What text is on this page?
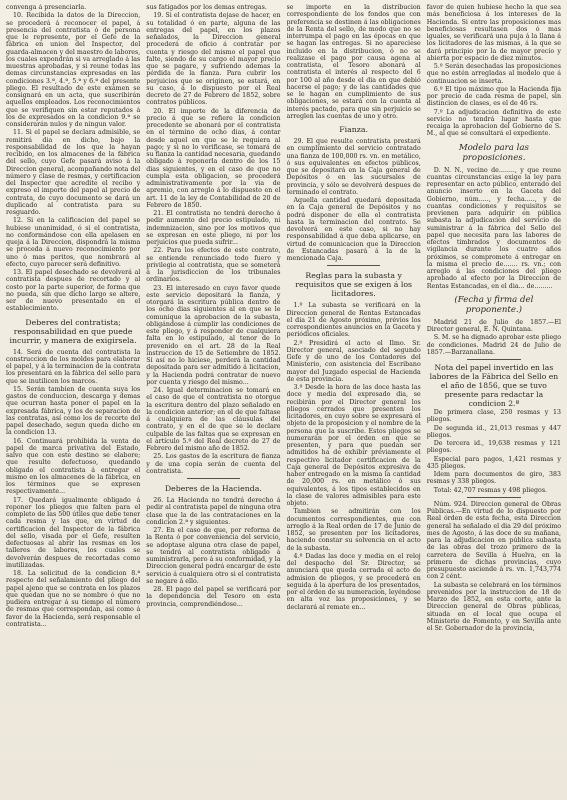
convenga á presenciarla.

10. Recibida la datos de la Direccion, se procederá á reconocer el papel, á presencia del contratista ó de persona que le represente, por el Gefe de la fábrica en union del Inspector, del guarda-almacen y del maestro de labores, los cuales expondrán si va arreglado á las muestras aprobadas, y si reune todas las demas circunstancias expresadas en las condiciones 3.ª, 4.ª, 5.ª y 6.ª del presente pliego. El resultado de este exámen se consignará en un acta, que suscribirán aquellos empleados. Los reconocimientos que se verifiquen sin estar reputados á los de expresados en la condicion 9.ª se considerarán nulos y de ningun valor.

11. Si el papel se declara admisible, se remitirá dia en dicho, bajo la responsabilidad de los que la hayan recibido, en los almacenes de la fábrica del sello, cuyo Gefe pasará aviso á la Direccion general, acompañando nota del número y clase de resmas, y certificacion del Inspector que acredite el recibo y expreso el importe del papel al precio de contrata, de cuyo documento se dará un duplicado al contratista para su resguardo.

12. Si en la calificacion del papel se hubiese unanimidad, ó si el contratista, no conformándose con ella apelasen en queja á la Direccion, dispondrá la misma se proceda á nuevo reconocimiento por uno ó mas peritos, que nombrará al efecto, cuyo parecer será definitivo.

13. El papel desechado se devolverá al contratista despues de recortado y al costo por la parte superior, de forma que no pueda, sin que dicho largo se altere, ser de nuevo presentado en el establecimiento.

Deberes del contratista; responsabilidad en que puede incurrir, y manera de exigirsela.

14. Será de cuenta del contratista la construccion de los moldes para elaborar el papel, y á la terminacion de la contrata los presentará en la fábrica del sello para que se inutilicen los marcos.

15. Serán tambien de cuenta suya los gastos de conduccion, descarga y demas que ocurran hasta poner el papel en la expresada fábrica, y los de separacion de las contratas, así como los de recorte del papel desechado, segun queda dicho en la condicion 13.

16. Continuará prohibida la venta de papel de marca privativa del Estado, salvo que con este destino se elabore; que resulte defectuoso, quedando obligado el contratista á entregar el mismo en los almacenes de la fábrica, en los términos que se expresen respectivamente...

17. Quedará igualmente obligado á reponer los pliegos que falten para el completo de las 500 útiles que debe tener cada resma y las que, en virtud de certificacion del Inspector de la fábrica del sello, visada por el Gefe, resulten defectuosas al abrir las resmas en los talleres de labores, los cuales se devolverán despues de recortadas como inutilizadas.

18. La solicitud de la condicion 8.ª respecto del señalamiento del pliego del papel ajeno que se contrata en los plazos que quedan que no se nombre ó que no pudiera entregar á su tiempo el número de resmas que correspondan, asi como á favor de la Hacienda, será responsable el contratista...

sus fatigados por los demas entregas.

19. Si el contratista dejase de hacer, en su totalidad ó en parte, alguna de las entregas del papel, en los plazos señalados, la Direccion general procederá de oficio á contratar por cuenta y riesgo del mismo el papel que falte, siendo de su cargo el mayor precio que se pagare, y sufriendo ademas la pérdida de la fianza. Para cubrir los perjuicios que se originen, se estará, en su caso, á lo dispuesto por el Real decreto de 27 de Febrero de 1852, sobre contratos públicos.

20. El importe de la diferencia de precio á que se refiere la condicion precedente se abonará por el contratista en el término de ocho dias, á contar desde aquel en que se le requiera al pago; y si no lo verificase, se tomará de su fianza la cantidad necesaria, quedando obligado á reponerla dentro de los 15 dias siguientes, y en el caso de que no cumpla esta obligacion, se procederá administrativamente por la via de apremio, con arreglo á lo dispuesto en el art. 11 de la ley de Contabilidad de 20 de Febrero de 1850.

21. El contratista no tendrá derecho á pedir aumento del precio estipulado, ni indemnizacion, sino por los motivos que se expresan en este pliego, ni por los perjuicios que pueda sufrir...

22. Para los efectos de este contrato, se entiende renunciado todo fuero y privilegio al contratista, que se someterá á la jurisdiccion de los tribunales ordinarios.

23. El interesado en cuyo favor quede este servicio depositará la fianza, y otorgará la escritura pública dentro de los ocho dias siguientes al en que se le comunique la aprobacion de la subasta, obligándose á cumplir las condiciones de este pliego, y á responder de cualquiera falta en lo estipulado, al tenor de lo prevenido en el art. 28 de la Real instruccion de 15 de Setiembre de 1852. Si así no lo hiciese, perderá la cantidad depositada para ser admitido á licitacion, y la Hacienda podrá contratar de nuevo por cuenta y riesgo del mismo...

24. Igual determinacion se tomará en el caso de que el contratista no otorgue la escritura dentro del plazo señalado en la condicion anterior; en el de que faltase á cualquiera de las cláusulas del contrato, y en el de que se le declare culpable de las faltas que se expresan en el artículo 5.º del Real decreto de 27 de Febrero del mismo año de 1852.

25. Los gastos de la escritura de fianza y de una copia serán de cuenta del contratista.

Deberes de la Hacienda.

26. La Hacienda no tendrá derecho á pedir al contratista papel de ninguna otra clase que la de las contrataciones en la condicion 2.ª y siguientes.

27. En el caso de que, por reforma de la Renta ó por conveniencia del servicio, se adoptase alguna otra clase de papel, se tendrá al contratista obligado á suministrarla, pero á su conformidad, y la Direccion general podrá encargar de este servicio á cualquiera otro si el contratista se negare á ello.

28. El pago del papel se verificará por la dependencia del Tesoro en esta provincia, comprendiéndose...

se importe en la distribucion correspondiente de los fondos que con preferencia se destinen á las obligaciones de la Renta del sello, de modo que no se interrumpa el pago en las épocas en que se hagan las entregas. Si no apareciese incluido en la distribucion, ó no se realizase el pago por causa agena al contratista, el Tesoro abonará al contratista el interés al respecto del 6 por 100 al año desde el dia en que debió hacerse el pago; y de las cantidades que se le hagan en cumplimiento de sus obligaciones, se estará con la cuenta al interés pactado, para que sin perjuicio se arreglen las cuentas de uno y otro.

Fianza.

29. El que resulte contratista prestará en cumplimiento del servicio contratado una fianza de 100,000 rs. vn. en metálico, ó sus equivalentes en efectos públicos, que se depositará en la Caja general de Depósitos ó en las sucursales de provincia, y sólo se devolverá despues de terminado el contrato.

Aquella cantidad quedará depositada en la Caja general de Depósitos y no podrá disponer de ella el contratista hasta la terminacion del contrato. Se devolverá en este caso, si no hay responsabilidad á que deba aplicarse, en virtud de comunicacion que la Direccion de Estancadas pasará á la de la mencionada Caja.

Reglas para la subasta y requisitos que se exigen á los licitadores.

1.º La subasta se verificará en la Direccion general de Rentas Estancadas el dia 21 de Agosto próximo, prévios los correspondientes anuncios en la Gaceta y periódicos oficiales.

2.º Presidirá el acto el Ilmo. Sr. Director general, asociado del segundo Gefe y de uno de los Contadores del Ministerio, con asistencia del Escribano mayor del Juzgado especial de Hacienda de esta provincia.

3.º Desde la hora de las doce hasta las doce y media del expresado dia, se recibirán por el Director general los pliegos cerrados que presenten los licitadores, en cuyo sobre se expresará el objeto de la proposicion y el nombre de la persona que la suscribe. Estos pliegos se numerarán por el órden en que se presenten, y para que puedan ser admitidos ha de exhibir préviamente el respectivo licitador certificacion de la Caja general de Depósitos expresiva de haber entregado en la misma la cantidad de 20,000 rs. en metálico ó sus equivalentes, á los tipos establecidos en la clase de valores admisibles para este objeto.

Tambien se admitirán con los documentos correspondientes, que con arreglo á la Real orden de 17 de Junio de 1852, se presenten por los licitadores, haciendo constar su solvencia en el acto de la subasta.

4.º Dadas las doce y media en el reloj del despacho del Sr. Director, se anunciará que queda cerrada el acto de admision de pliegos, y se procederá en seguida á la apertura de los presentados, por el órden de su numeracion, leyéndose en alta voz las proposiciones, y se declarará al remate en...

favor de quien hubiese hecho la que sea más beneficiosa á los intereses de la Hacienda. Si entre las proposiciones mas beneficiosas resultasen dos ó mas iguales, se verificará una puja á la llana á los licitadores de las mismas, á la que se dará principio por la de mayor precio y abierta por espacio de diez minutos.

5.º Serán desechadas las proposiciones que no estén arregladas al modelo que á continuacion se inserta.

6.º El tipo máximo que la Hacienda fija por precio de cada resma de papel, sin distincion de clases, es el de 46 rs.

7.º La adjudicacion definitiva de este servicio no tendrá lugar hasta que recaiga la aprobacion del Gobierno de S. M., al que se consultará el expediente.

Modelo para las proposiciones.

D. N. N., vecino de........, y que reune cuantas circunstancias exige la ley para representar en acto público, enterado del anuncio inserto en la Gaceta del Gobierno, núm....., y fecha....., y de cuantas condiciones y requisitos se previenen para adquirir en pública subasta la adjudicacion del servicio de suministrar á la fábrica del Sello del papel que necesita para las labores de efectos timbrados y documentos de vigilancia durante los cuatro años próximos, se compromete á entregar en la misma el precio de....... rs. vn.; con arreglo á las condiciones del pliego aprobado al efecto por la Direccion de Rentas Estancadas, en el dia... de.........

(Fecha y firma del proponente.)

Madrid 21 de Julio de 1857.—El Director general, E. N. Quintana.

S. M. se ha dignado aprobar este pliego de condiciones. Madrid 24 de Julio de 1857.—Barzanallana.

Nota del papel invertido en las labores de la Fábrica del Sello en el año de 1856, que se tuvo presente para redactar la condicion 2.ª

De primera clase, 250 resmas y 13 pliegos.

De segunda id., 21,013 resmas y 447 pliegos.

De tercera id., 19,638 resmas y 121 pliegos.

Especial para pagos, 1,421 resmas y 435 pliegos.

Idem para documentos de giro, 383 resmas y 338 pliegos.

Total: 42,707 resmas y 498 pliegos.

Núm. 924. Direccion general de Obras Públicas.—En virtud de lo dispuesto por Real órden de esta fecha, esta Direccion general ha señalado el dia 29 del próximo mes de Agosto, á las doce de su mañana, para la adjudicacion en pública subasta de las obras del trozo primero de la carretera de Sevilla á Huelva, en la primera de dichas provincias, cuyo presupuesto asciende á rs. vn. 1,743,774 con 2 cént.

La subasta se celebrará en los términos prevenidos por la instruccion de 18 de Marzo de 1852, en esta corte, ante la Direccion general de Obras públicas, situada en el local que ocupa el Ministerio de Fomento, y en Sevilla ante el Sr. Gobernador de la provincia,
